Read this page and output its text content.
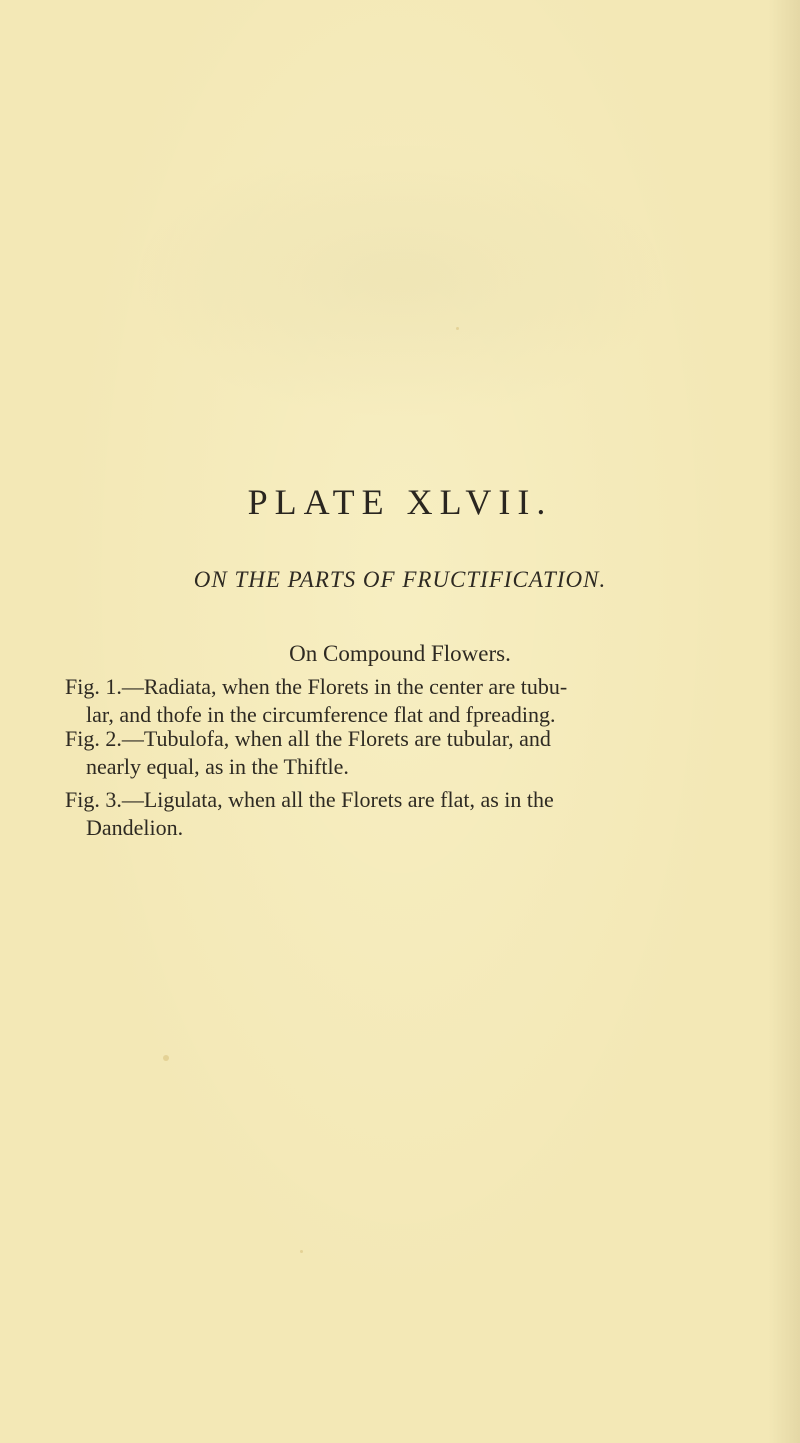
PLATE XLVII.
ON THE PARTS OF FRUCTIFICATION.
On Compound Flowers.
Fig. 1.—Radiata, when the Florets in the center are tubu-
lar, and thofe in the circumference flat and fpreading.
Fig. 2.—Tubulofa, when all the Florets are tubular, and
nearly equal, as in the Thiftle.
Fig. 3.—Ligulata, when all the Florets are flat, as in the
Dandelion.
